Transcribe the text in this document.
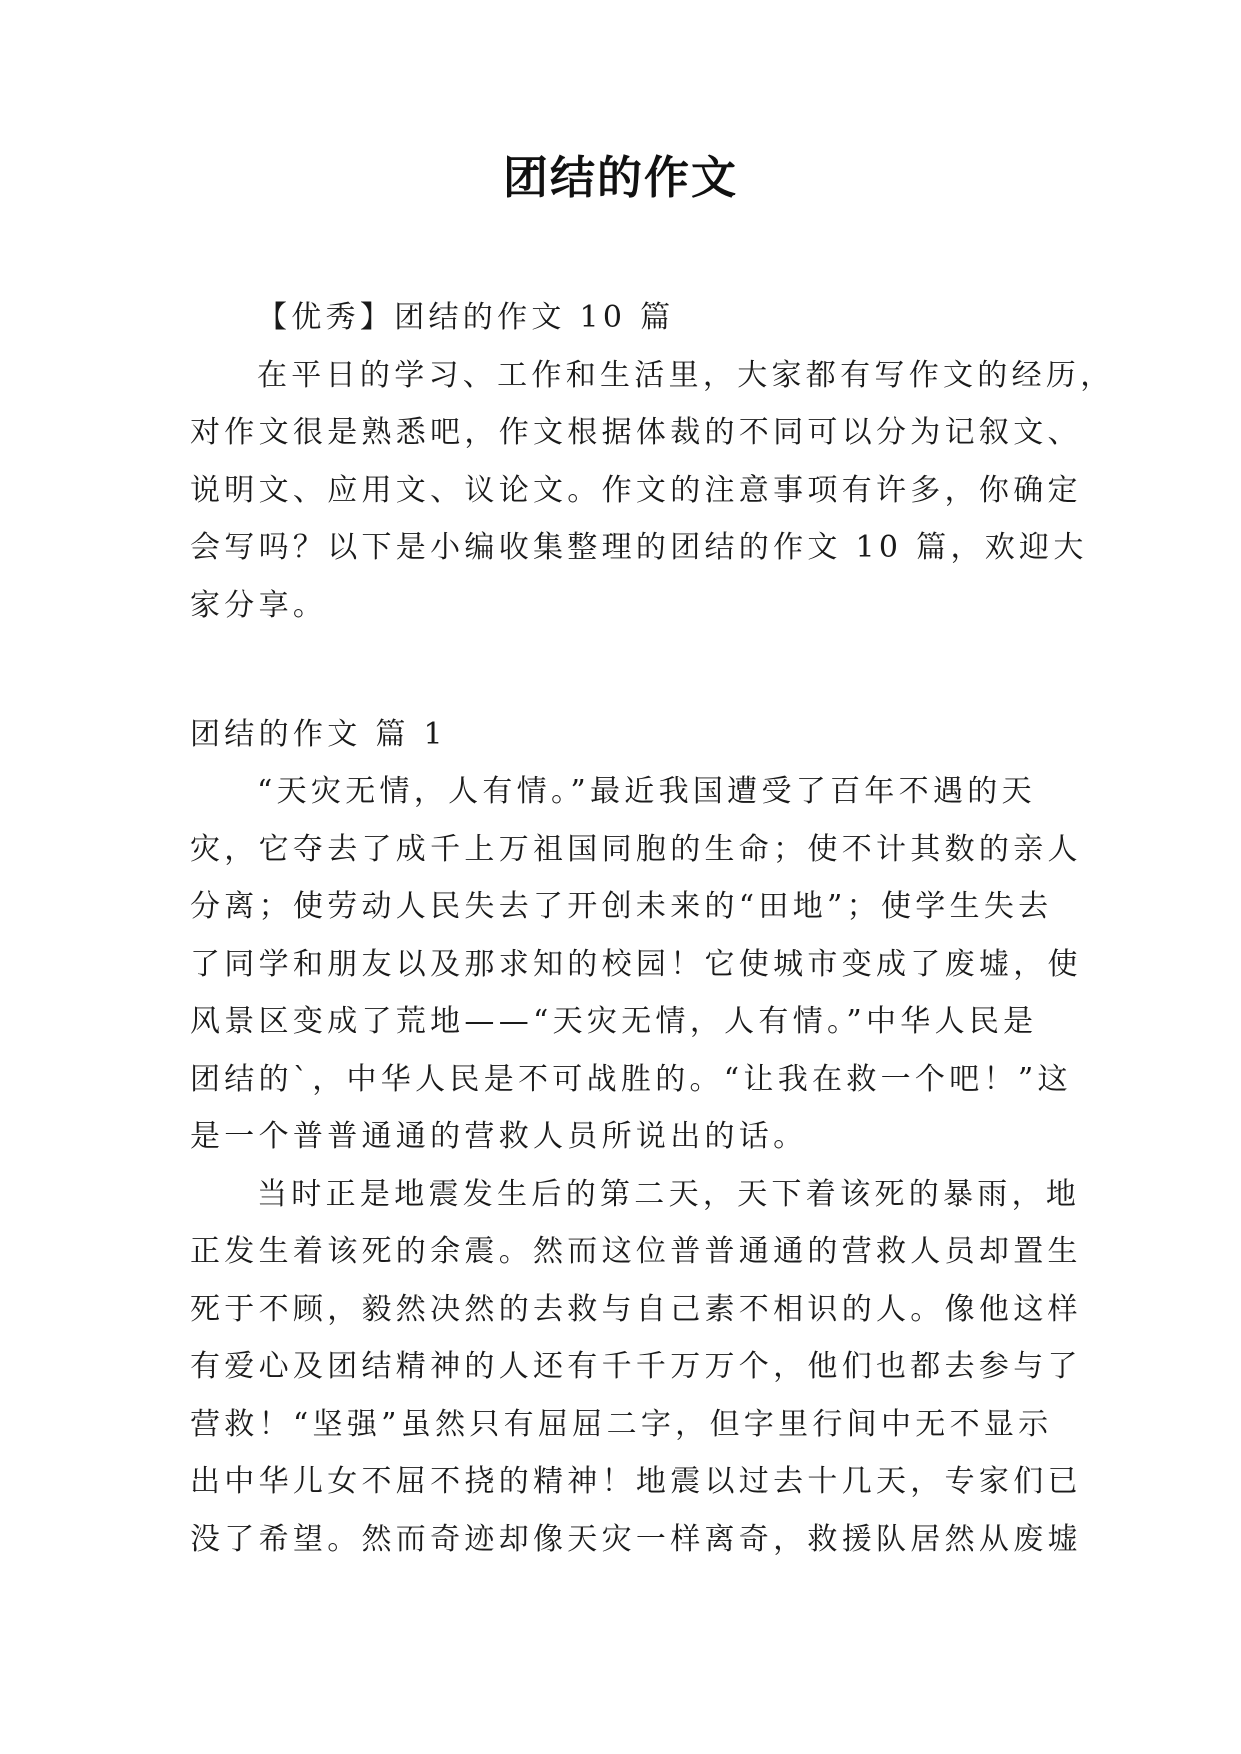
团结的作文
【优秀】团结的作文 10 篇
在平日的学习、工作和生活里，大家都有写作文的经历，
对作文很是熟悉吧，作文根据体裁的不同可以分为记叙文、
说明文、应用文、议论文。作文的注意事项有许多，你确定
会写吗？以下是小编收集整理的团结的作文 10 篇，欢迎大
家分享。
团结的作文 篇 1
“天灾无情，人有情。”最近我国遭受了百年不遇的天
灾，它夺去了成千上万祖国同胞的生命；使不计其数的亲人
分离；使劳动人民失去了开创未来的“田地”；使学生失去
了同学和朋友以及那求知的校园！它使城市变成了废墟，使
风景区变成了荒地——“天灾无情，人有情。”中华人民是
团结的`，中华人民是不可战胜的。“让我在救一个吧！”这
是一个普普通通的营救人员所说出的话。
当时正是地震发生后的第二天，天下着该死的暴雨，地
正发生着该死的余震。然而这位普普通通的营救人员却置生
死于不顾，毅然决然的去救与自己素不相识的人。像他这样
有爱心及团结精神的人还有千千万万个，他们也都去参与了
营救！“坚强”虽然只有屈屈二字，但字里行间中无不显示
出中华儿女不屈不挠的精神！地震以过去十几天，专家们已
没了希望。然而奇迹却像天灾一样离奇，救援队居然从废墟
